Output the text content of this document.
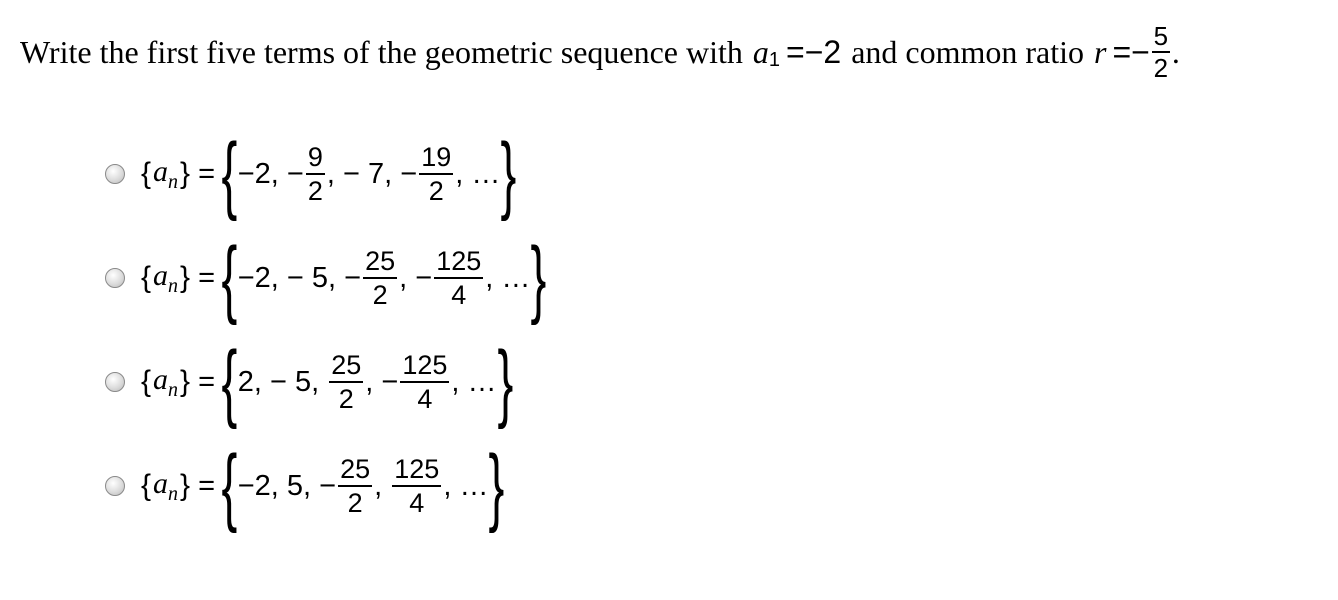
Write the first five terms of the geometric sequence with a 1 =−2 and common ratio $r =- \frac{5}{2}$ .
{ $a_n$ } = { −2, − $\frac{9}{2}$ , − 7, − $\frac{19}{2}$ , … }
{ $a_n$ } = { −2, − 5, − $\frac{25}{2}$ , − $\frac{125}{4}$ , … }
{ $a_n$ } = { 2, − 5, $\frac{25}{2}$ , − $\frac{125}{4}$ , … }
{ $a_n$ } = { −2, 5, − $\frac{25}{2}$ , $\frac{125}{4}$ , … }
